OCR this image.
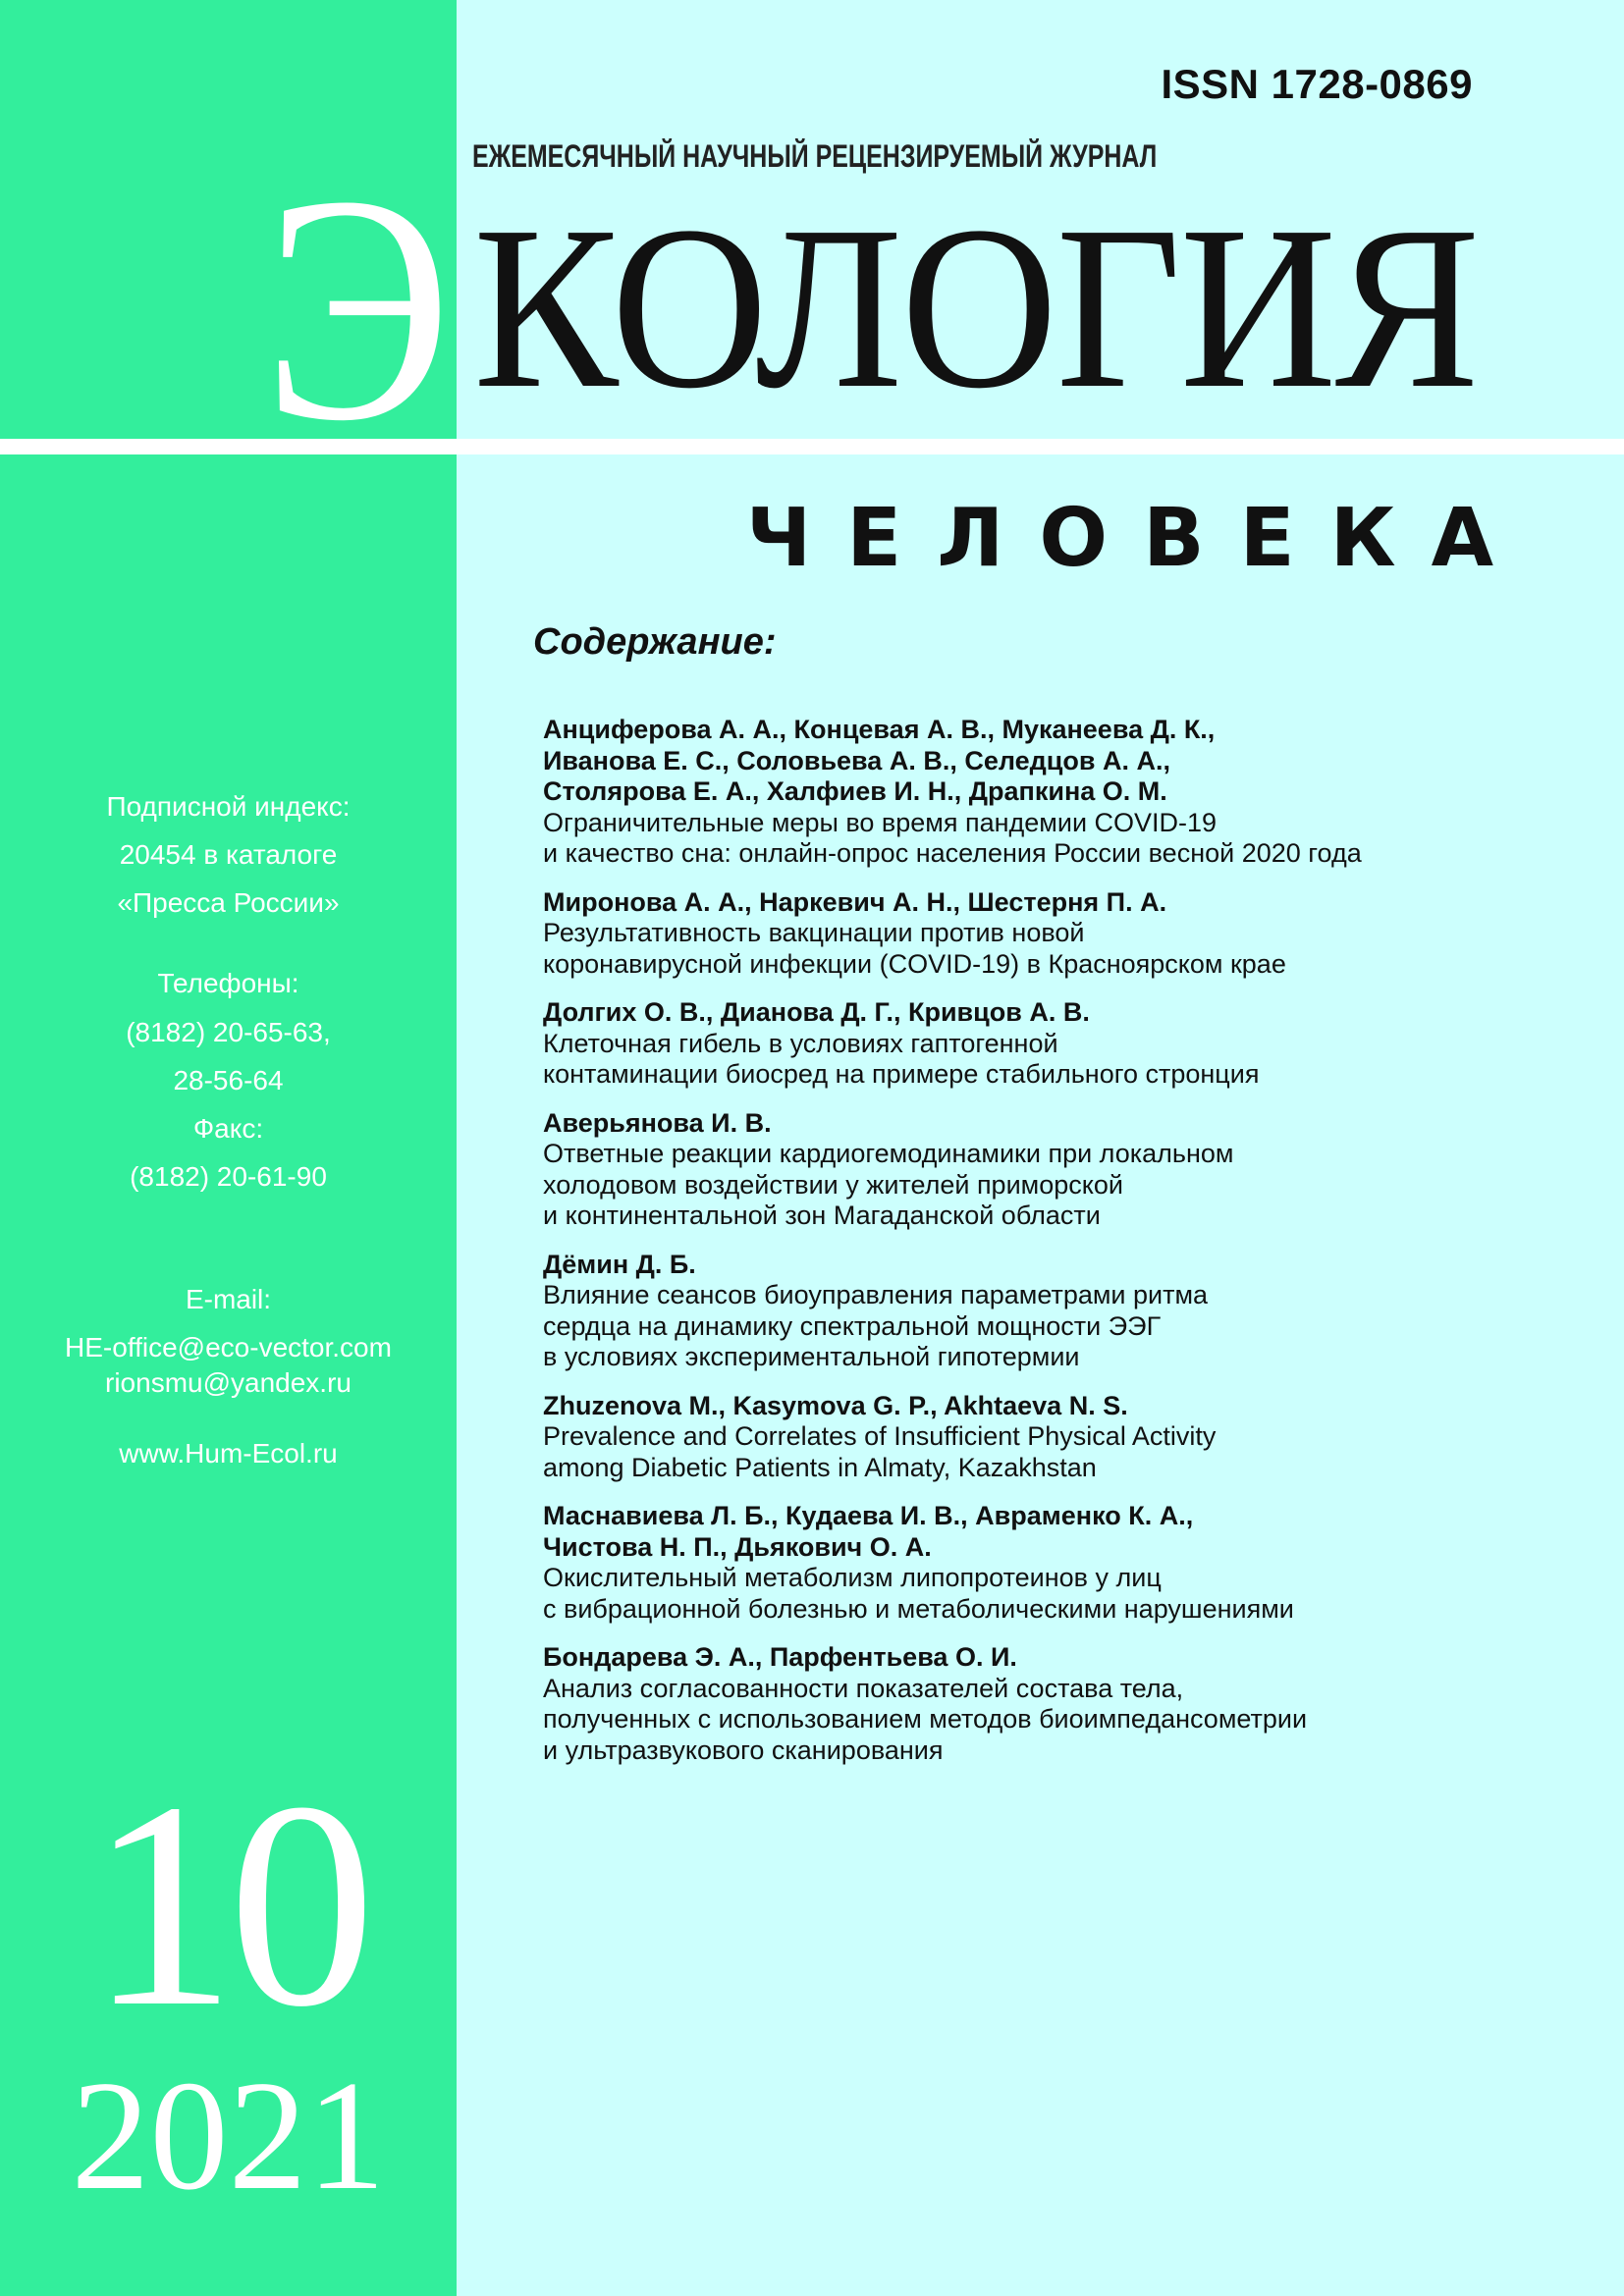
ISSN 1728-0869
ЕЖЕМЕСЯЧНЫЙ НАУЧНЫЙ РЕЦЕНЗИРУЕМЫЙ ЖУРНАЛ
Э КОЛОГИЯ
ЧЕЛОВЕКА
Подписной индекс:
20454 в каталоге
«Пресса России»
Телефоны:
(8182) 20-65-63,
28-56-64
Факс:
(8182) 20-61-90
E-mail:
HE-office@eco-vector.com
rionsmu@yandex.ru
www.Hum-Ecol.ru
10
2021
Содержание:
Анциферова А. А., Концевая А. В., Муканеева Д. К.,
Иванова Е. С., Соловьева А. В., Селедцов А. А.,
Столярова Е. А., Халфиев И. Н., Драпкина О. М.
Ограничительные меры во время пандемии COVID-19
и качество сна: онлайн-опрос населения России весной 2020 года
Миронова А. А., Наркевич А. Н., Шестерня П. А.
Результативность вакцинации против новой
коронавирусной инфекции (COVID-19) в Красноярском крае
Долгих О. В., Дианова Д. Г., Кривцов А. В.
Клеточная гибель в условиях гаптогенной
контаминации биосред на примере стабильного стронция
Аверьянова И. В.
Ответные реакции кардиогемодинамики при локальном
холодовом воздействии у жителей приморской
и континентальной зон Магаданской области
Дёмин Д. Б.
Влияние сеансов биоуправления параметрами ритма
сердца на динамику спектральной мощности ЭЭГ
в условиях экспериментальной гипотермии
Zhuzenova M., Kasymova G. P., Akhtaeva N. S.
Prevalence and Correlates of Insufficient Physical Activity
among Diabetic Patients in Almaty, Kazakhstan
Маснавиева Л. Б., Кудаева И. В., Авраменко К. А.,
Чистова Н. П., Дьякович О. А.
Окислительный метаболизм липопротеинов у лиц
с вибрационной болезнью и метаболическими нарушениями
Бондарева Э. А., Парфентьева О. И.
Анализ согласованности показателей состава тела,
полученных с использованием методов биоимпедансометрии
и ультразвукового сканирования
